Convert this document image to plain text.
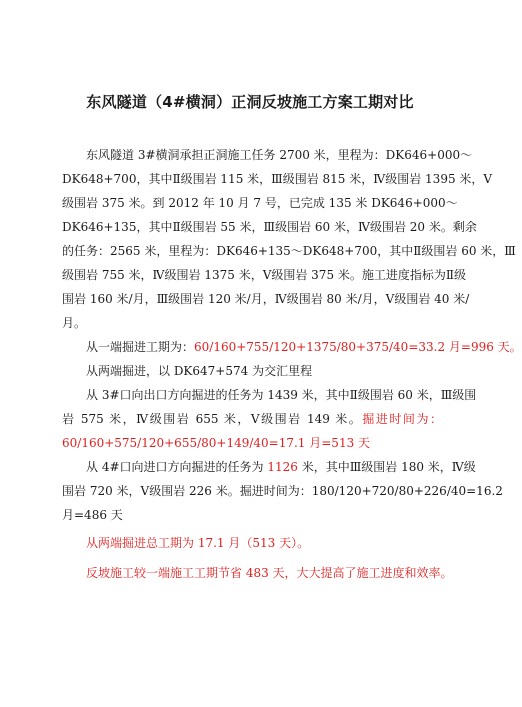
东风隧道（4#横洞）正洞反坡施工方案工期对比
东风隧道 3#横洞承担正洞施工任务 2700 米，里程为：DK646+000～
DK648+700，其中Ⅱ级围岩 115 米，Ⅲ级围岩 815 米，Ⅳ级围岩 1395 米，Ⅴ
级围岩 375 米。到 2012 年 10 月 7 号，已完成 135 米 DK646+000～
DK646+135，其中Ⅱ级围岩 55 米，Ⅲ级围岩 60 米，Ⅳ级围岩 20 米。剩余
的任务：2565 米，里程为：DK646+135～DK648+700，其中Ⅱ级围岩 60 米，Ⅲ
级围岩 755 米，Ⅳ级围岩 1375 米，Ⅴ级围岩 375 米。施工进度指标为Ⅱ级
围岩 160 米/月，Ⅲ级围岩 120 米/月，Ⅳ级围岩 80 米/月，Ⅴ级围岩 40 米/
月。
从一端掘进工期为：60/160+755/120+1375/80+375/40=33.2 月=996 天。
从两端掘进，以 DK647+574 为交汇里程
从 3#口向出口方向掘进的任务为 1439 米，其中Ⅱ级围岩 60 米，Ⅲ级围
岩 575 米，Ⅳ级围岩 655 米，Ⅴ级围岩 149 米。掘进时间为：
60/160+575/120+655/80+149/40=17.1 月=513 天
从 4#口向进口方向掘进的任务为 1126 米，其中Ⅲ级围岩 180 米，Ⅳ级
围岩 720 米，Ⅴ级围岩 226 米。掘进时间为：180/120+720/80+226/40=16.2
月=486 天
从两端掘进总工期为 17.1 月（513 天）。
反坡施工较一端施工工期节省 483 天，大大提高了施工进度和效率。
